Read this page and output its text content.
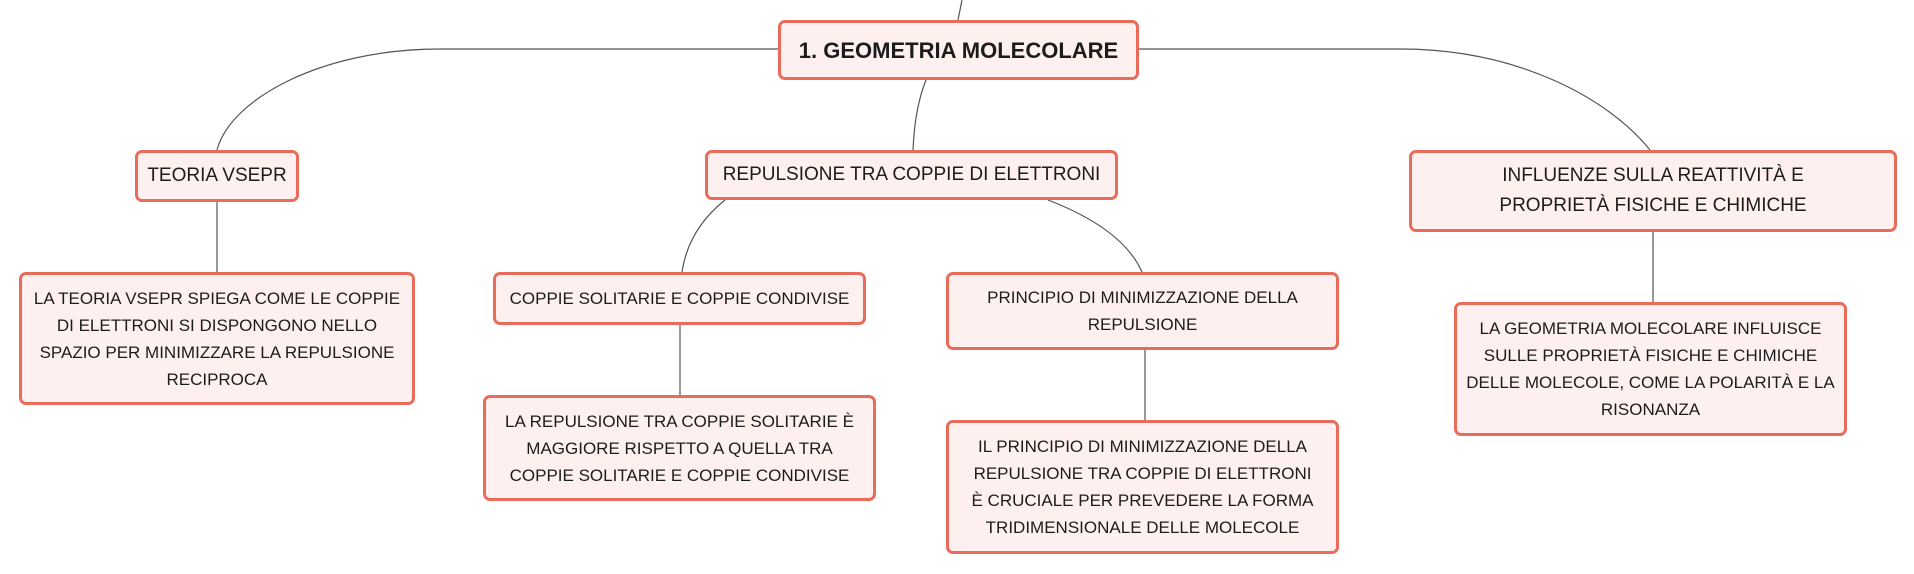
1. GEOMETRIA MOLECOLARE
TEORIA VSEPR	REPULSIONE TRA COPPIE DI ELETTRONI	INFLUENZE SULLA REATTIVITÀ E PROPRIETÀ FISICHE E CHIMICHE
LA TEORIA VSEPR SPIEGA COME LE COPPIE DI ELETTRONI SI DISPONGONO NELLO SPAZIO PER MINIMIZZARE LA REPULSIONE RECIPROCA
COPPIE SOLITARIE E COPPIE CONDIVISE	PRINCIPIO DI MINIMIZZAZIONE DELLA REPULSIONE
LA REPULSIONE TRA COPPIE SOLITARIE È MAGGIORE RISPETTO A QUELLA TRA COPPIE SOLITARIE E COPPIE CONDIVISE
IL PRINCIPIO DI MINIMIZZAZIONE DELLA REPULSIONE TRA COPPIE DI ELETTRONI È CRUCIALE PER PREVEDERE LA FORMA TRIDIMENSIONALE DELLE MOLECOLE
LA GEOMETRIA MOLECOLARE INFLUISCE SULLE PROPRIETÀ FISICHE E CHIMICHE DELLE MOLECOLE, COME LA POLARITÀ E LA RISONANZA
